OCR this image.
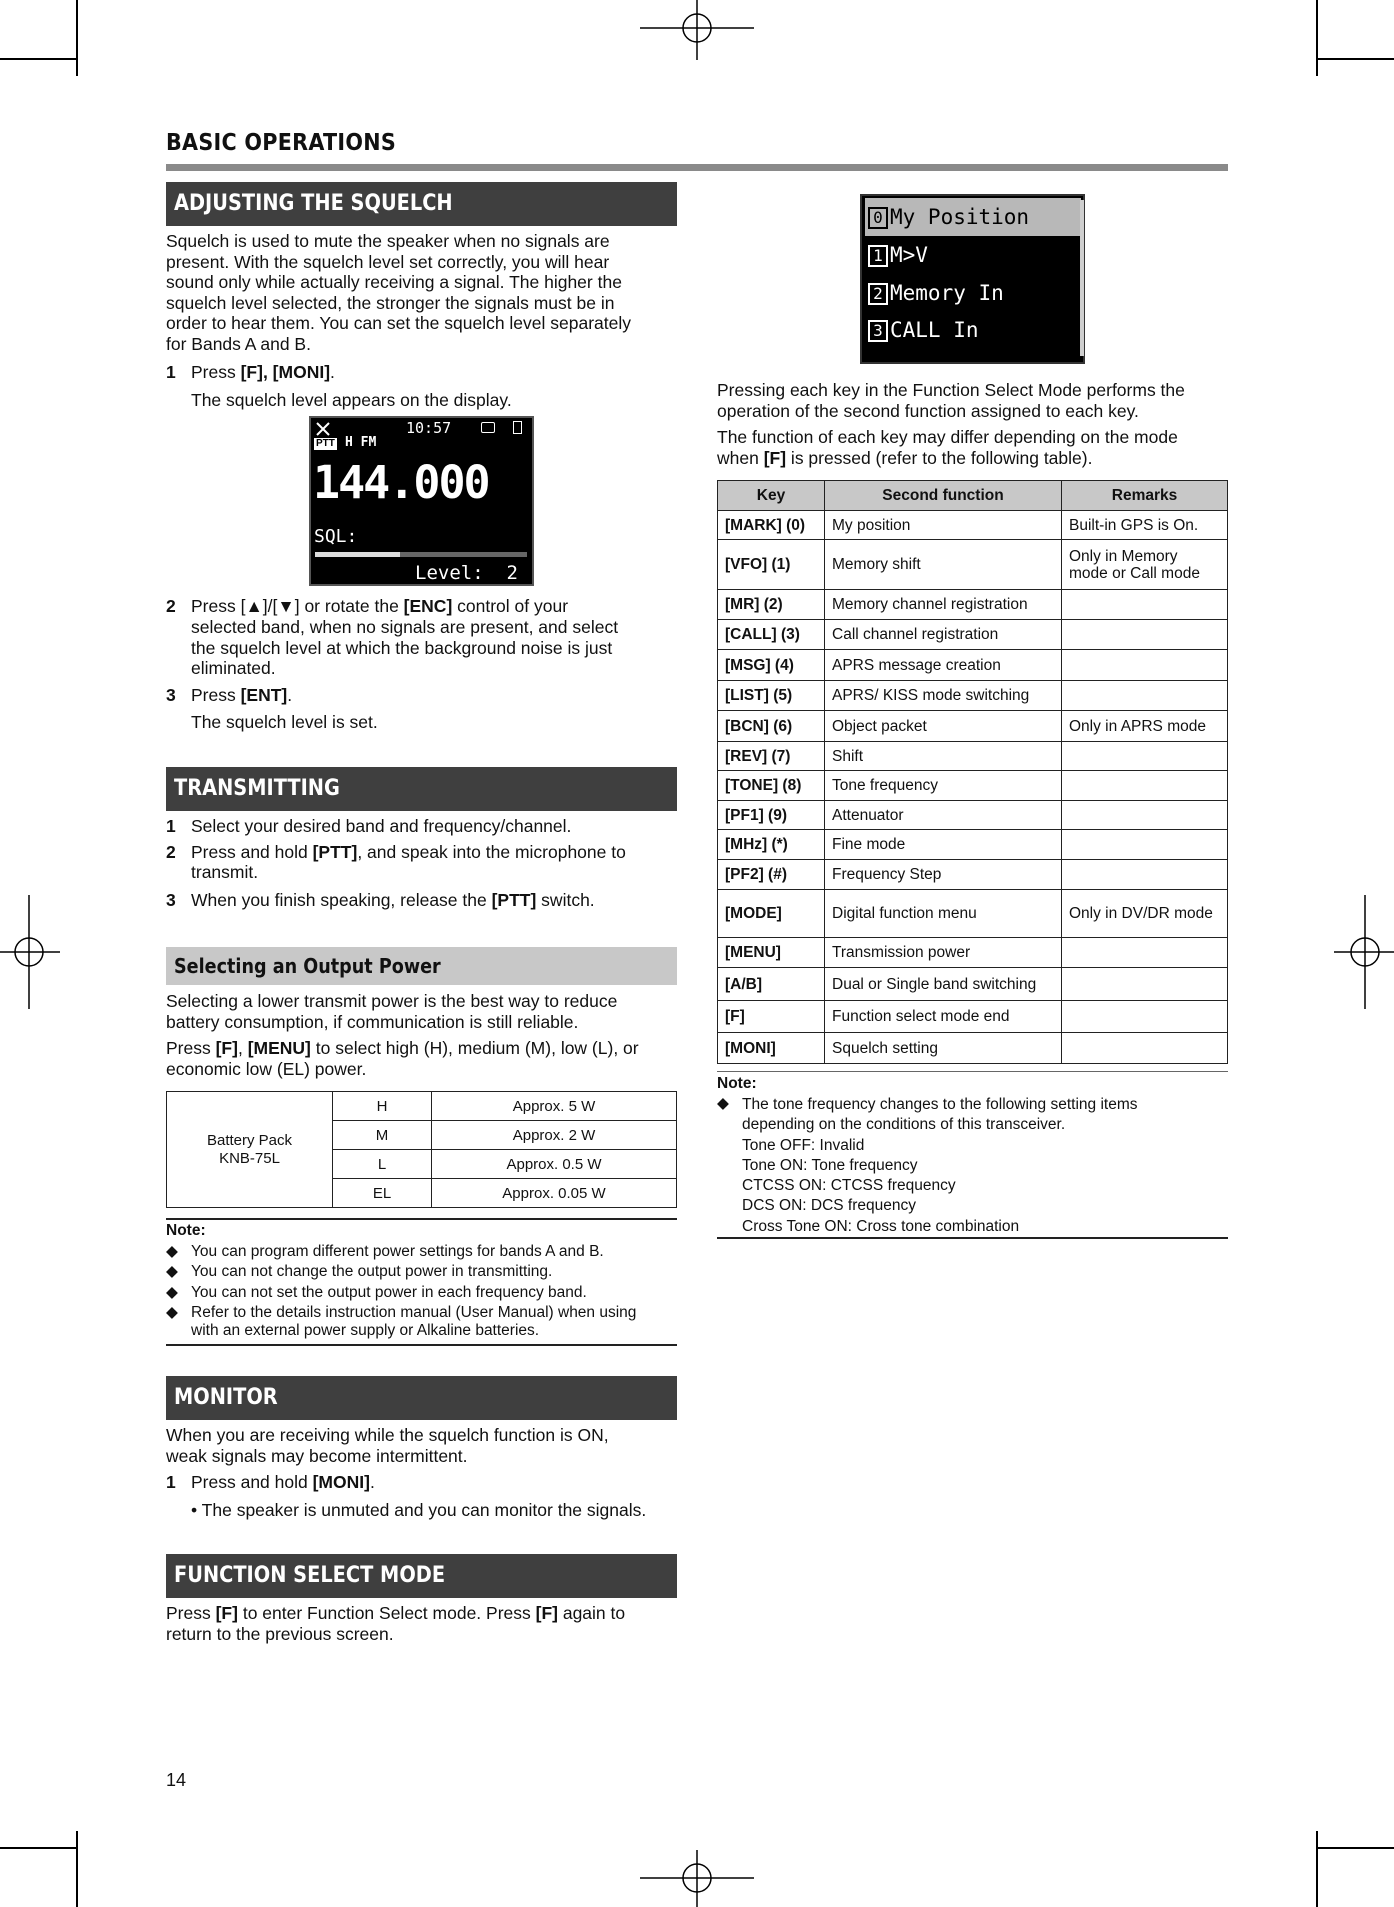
BASIC OPERATIONS
ADJUSTING THE SQUELCH
Squelch is used to mute the speaker when no signals are
present. With the squelch level set correctly, you will hear
sound only while actually receiving a signal. The higher the
squelch level selected, the stronger the signals must be in
order to hear them. You can set the squelch level separately
for Bands A and B.
1 Press [F], [MONI].
The squelch level appears on the display.
PTT H FM
10:57
144.000
SQL:
Level:  2
2 Press [▲]/[▼] or rotate the [ENC] control of your
selected band, when no signals are present, and select
the squelch level at which the background noise is just
eliminated.
3 Press [ENT].
The squelch level is set.
TRANSMITTING
1 Select your desired band and frequency/channel.
2 Press and hold [PTT], and speak into the microphone to
transmit.
3 When you finish speaking, release the [PTT] switch.
Selecting an Output Power
Selecting a lower transmit power is the best way to reduce
battery consumption, if communication is still reliable.
Press [F], [MENU] to select high (H), medium (M), low (L), or
economic low (EL) power.
Battery Pack
KNB-75L	H	Approx. 5 W
	M	Approx. 2 W
	L	Approx. 0.5 W
	EL	Approx. 0.05 W
Note:
◆ You can program different power settings for bands A and B.
◆ You can not change the output power in transmitting.
◆ You can not set the output power in each frequency band.
◆ Refer to the details instruction manual (User Manual) when using
with an external power supply or Alkaline batteries.
MONITOR
When you are receiving while the squelch function is ON,
weak signals may become intermittent.
1 Press and hold [MONI].
• The speaker is unmuted and you can monitor the signals.
FUNCTION SELECT MODE
Press [F] to enter Function Select mode. Press [F] again to
return to the previous screen.
14
0 My Position
1 M>V
2 Memory In
3 CALL In
Pressing each key in the Function Select Mode performs the
operation of the second function assigned to each key.
The function of each key may differ depending on the mode
when [F] is pressed (refer to the following table).
Key	Second function	Remarks
[MARK] (0)	My position	Built-in GPS is On.
[VFO] (1)	Memory shift	Only in Memory mode or Call mode
[MR] (2)	Memory channel registration	
[CALL] (3)	Call channel registration	
[MSG] (4)	APRS message creation	
[LIST] (5)	APRS/ KISS mode switching	
[BCN] (6)	Object packet	Only in APRS mode
[REV] (7)	Shift	
[TONE] (8)	Tone frequency	
[PF1] (9)	Attenuator	
[MHz] (*)	Fine mode	
[PF2] (#)	Frequency Step	
[MODE]	Digital function menu	Only in DV/DR mode
[MENU]	Transmission power	
[A/B]	Dual or Single band switching	
[F]	Function select mode end	
[MONI]	Squelch setting	
Note:
◆ The tone frequency changes to the following setting items
depending on the conditions of this transceiver.
Tone OFF: Invalid
Tone ON: Tone frequency
CTCSS ON: CTCSS frequency
DCS ON: DCS frequency
Cross Tone ON: Cross tone combination
